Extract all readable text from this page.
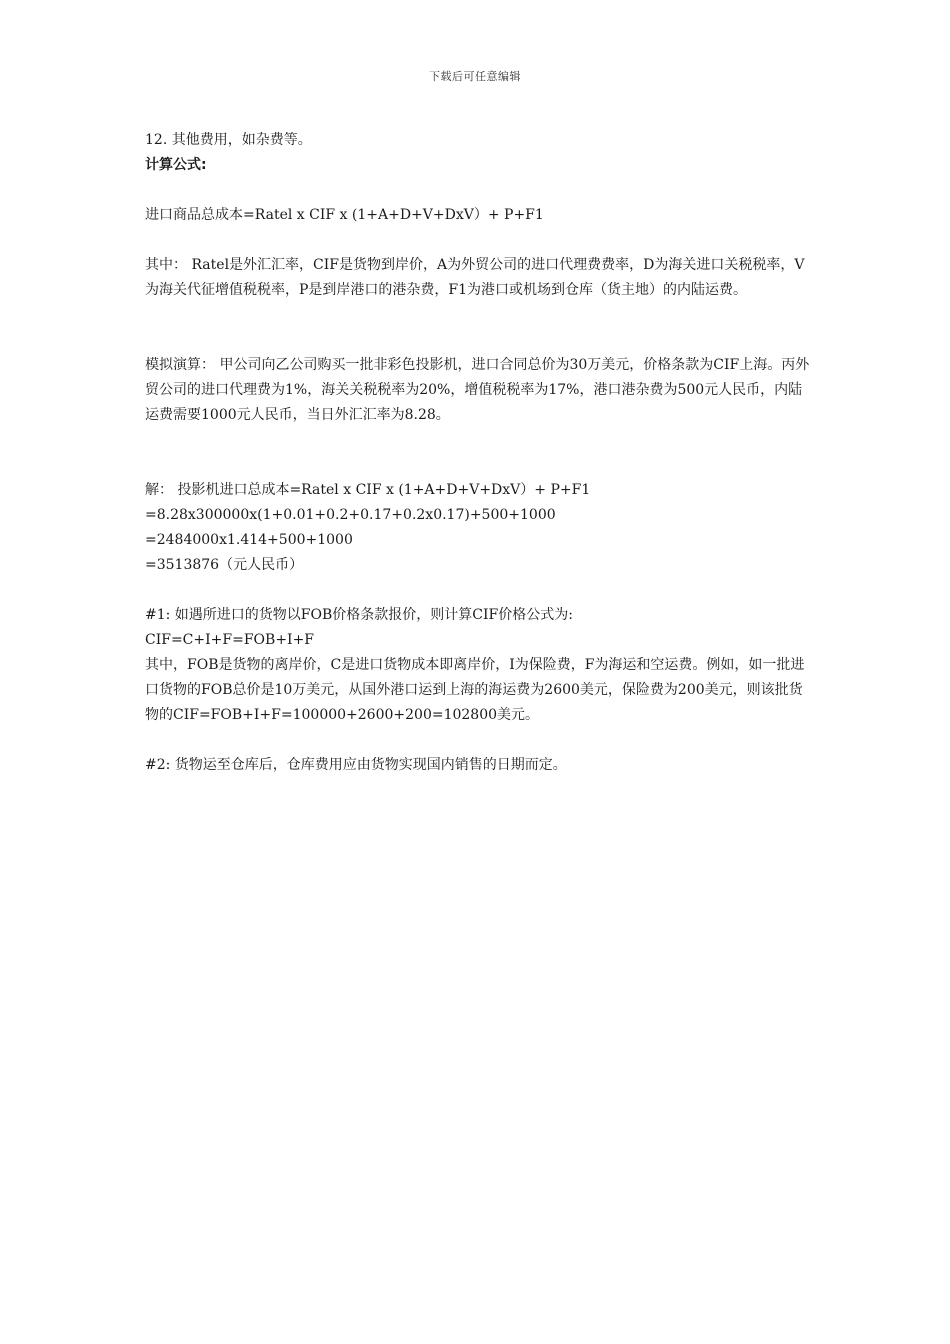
下载后可任意编辑

12. 其他费用，如杂费等。

计算公式:

进口商品总成本=Ratel x CIF x (1+A+D+V+DxV）+ P+F1

其中： Ratel是外汇汇率，CIF是货物到岸价，A为外贸公司的进口代理费费率，D为海关进口关税税率，V为海关代征增值税税率，P是到岸港口的港杂费，F1为港口或机场到仓库（货主地）的内陆运费。

模拟演算： 甲公司向乙公司购买一批非彩色投影机，进口合同总价为30万美元，价格条款为CIF上海。丙外贸公司的进口代理费为1%，海关关税税率为20%，增值税税率为17%，港口港杂费为500元人民币，内陆运费需要1000元人民币，当日外汇汇率为8.28。

解： 投影机进口总成本=Ratel x CIF x (1+A+D+V+DxV）+ P+F1

=8.28x300000x(1+0.01+0.2+0.17+0.2x0.17)+500+1000

=2484000x1.414+500+1000

=3513876（元人民币）

#1: 如遇所进口的货物以FOB价格条款报价，则计算CIF价格公式为:

CIF=C+I+F=FOB+I+F

其中，FOB是货物的离岸价，C是进口货物成本即离岸价，I为保险费，F为海运和空运费。例如，如一批进口货物的FOB总价是10万美元，从国外港口运到上海的海运费为2600美元，保险费为200美元，则该批货物的CIF=FOB+I+F=100000+2600+200=102800美元。

#2: 货物运至仓库后，仓库费用应由货物实现国内销售的日期而定。
